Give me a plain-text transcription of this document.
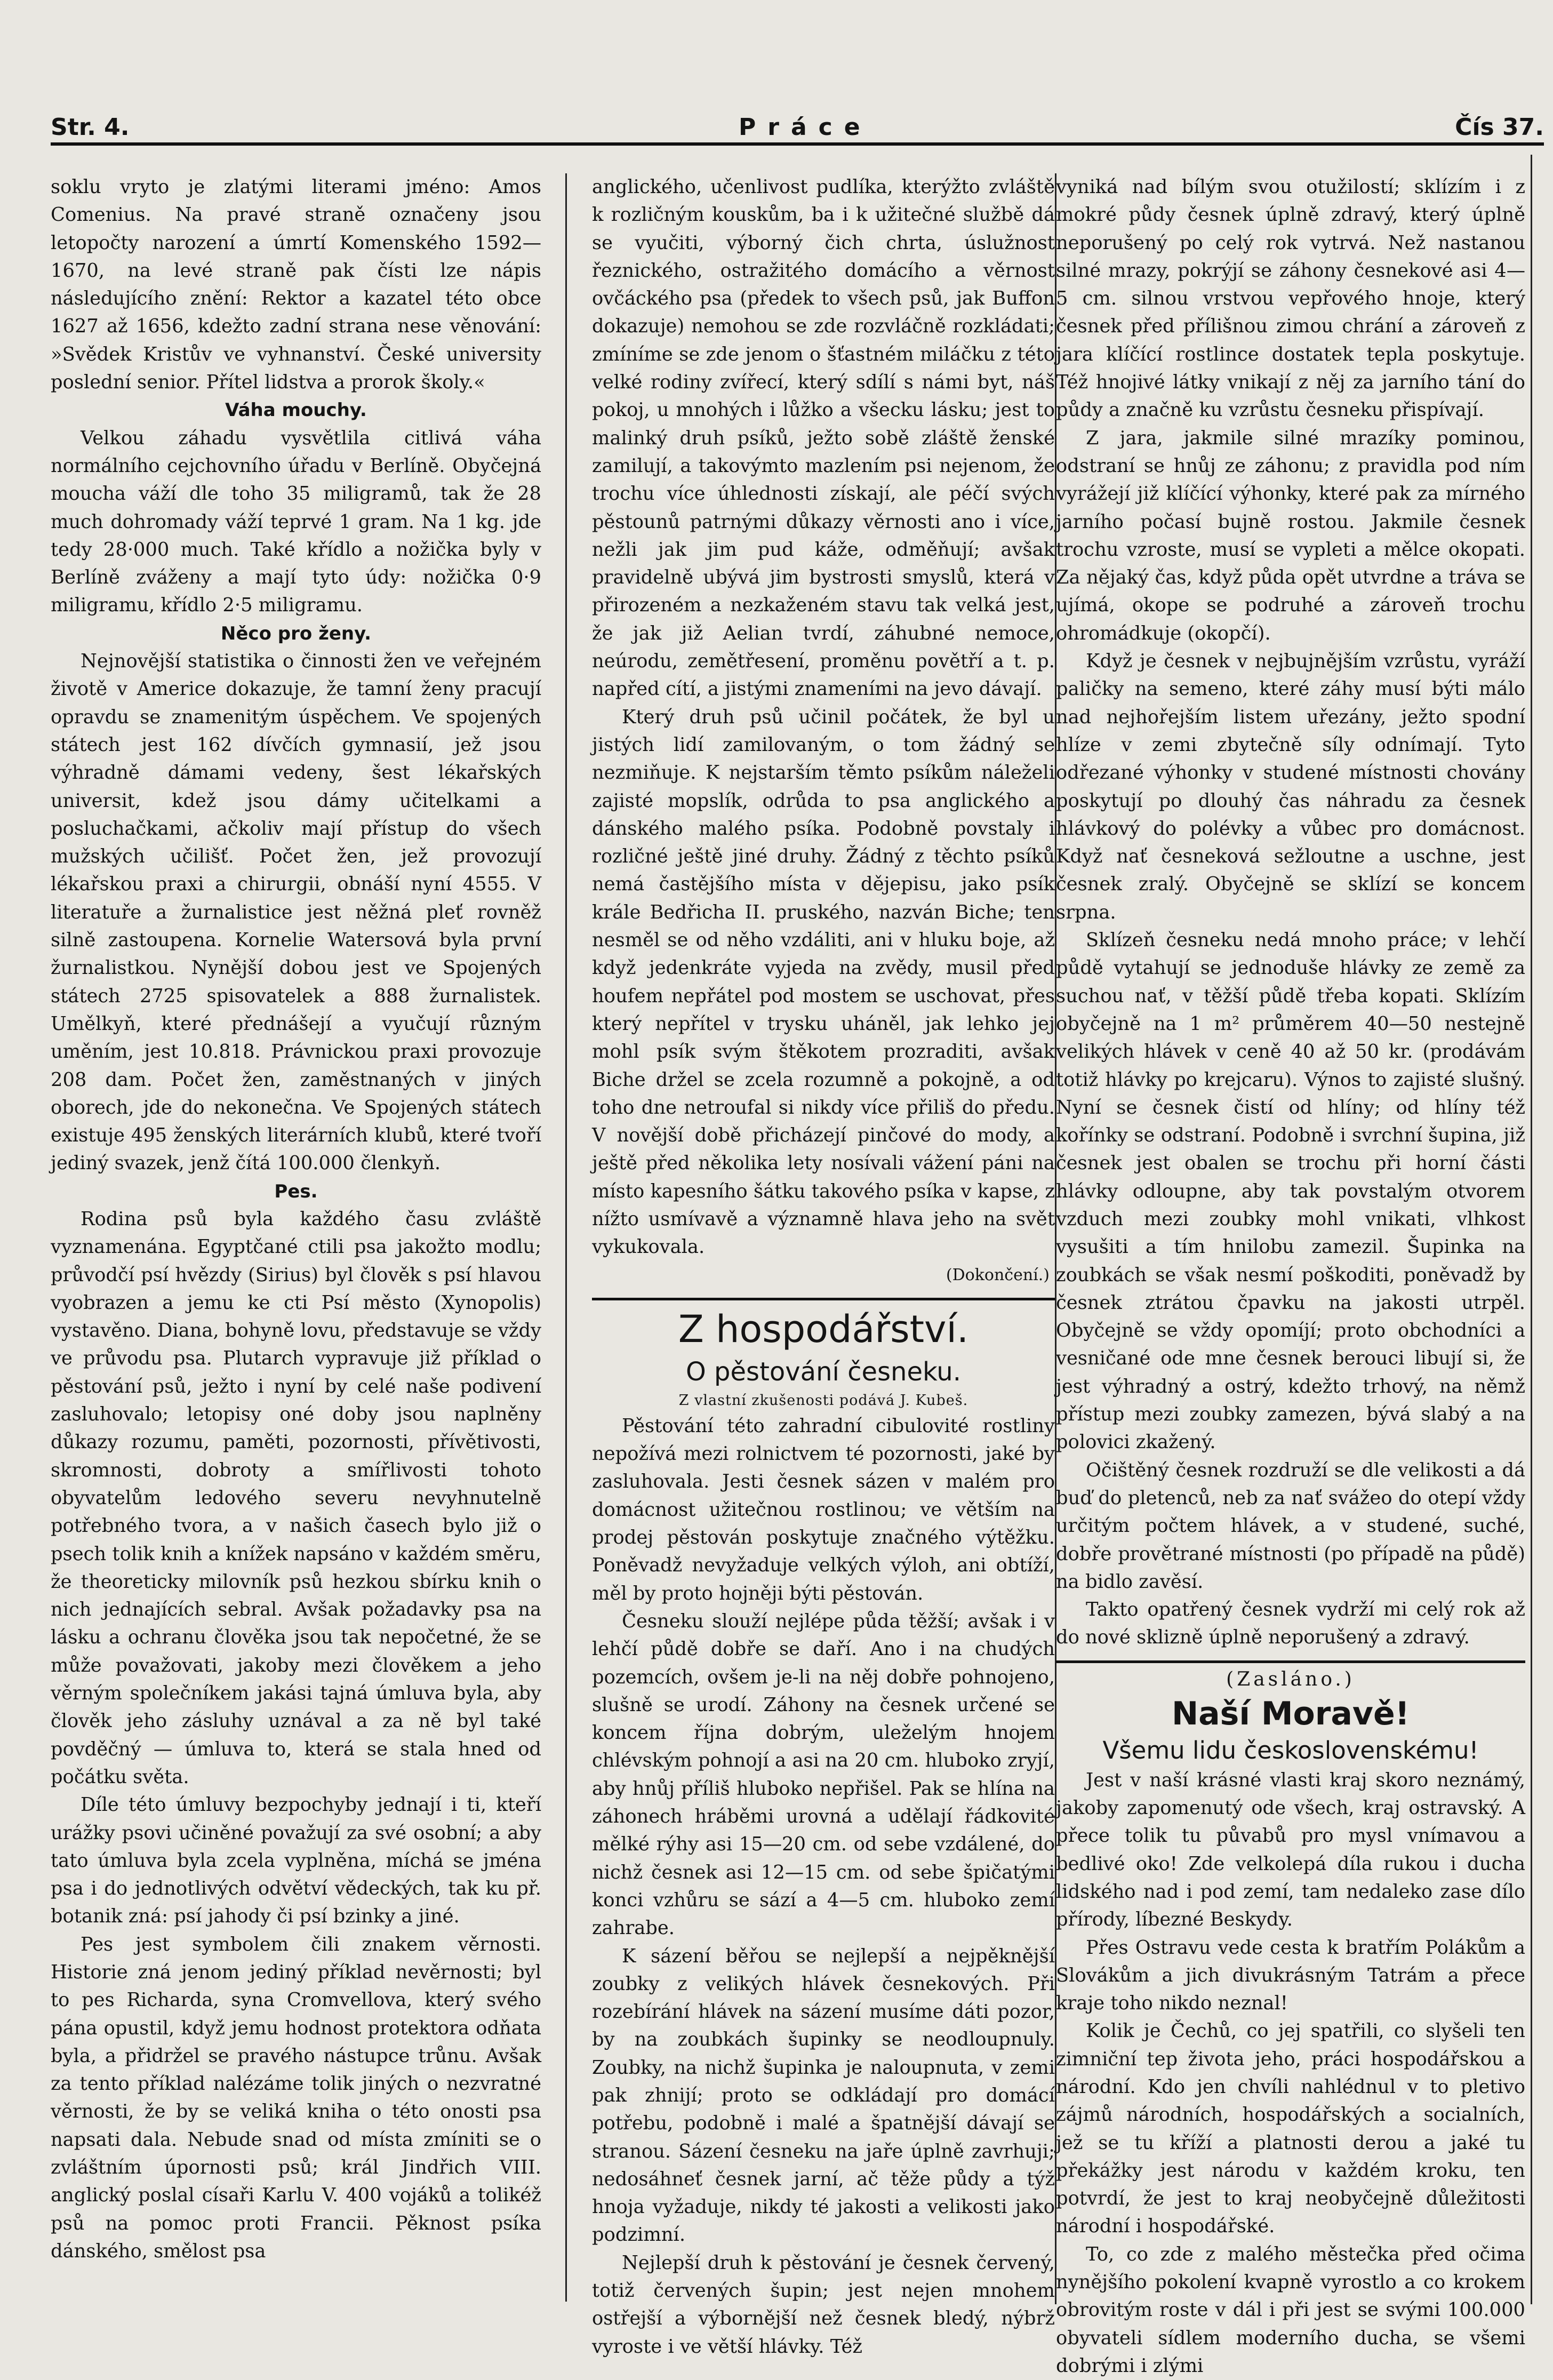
Str. 4.	Práce	Čís 37.

soklu vryto je zlatými literami jméno: Amos Comenius. Na pravé straně označeny jsou letopočty narození a úmrtí Komenského 1592—1670, na levé straně pak čísti lze nápis následujícího znění: Rektor a kazatel této obce 1627 až 1656, kdežto zadní strana nese věnování: »Svědek Kristův ve vyhnanství. České university poslední senior. Přítel lidstva a prorok školy.«

Váha mouchy.

Velkou záhadu vysvětlila citlivá váha normálního cejchovního úřadu v Berlíně. Obyčejná moucha váží dle toho 35 miligramů, tak že 28 much dohromady váží teprvé 1 gram. Na 1 kg. jde tedy 28·000 much. Také křídlo a nožička byly v Berlíně zváženy a mají tyto údy: nožička 0·9 miligramu, křídlo 2·5 miligramu.

Něco pro ženy.

Nejnovější statistika o činnosti žen ve veřejném životě v Americe dokazuje, že tamní ženy pracují opravdu se znamenitým úspěchem. Ve spojených státech jest 162 dívčích gymnasií, jež jsou výhradně dámami vedeny, šest lékařských universit, kdež jsou dámy učitelkami a posluchačkami, ačkoliv mají přístup do všech mužských učilišť. Počet žen, jež provozují lékařskou praxi a chirurgii, obnáší nyní 4555. V literatuře a žurnalistice jest něžná pleť rovněž silně zastoupena. Kornelie Watersová byla první žurnalistkou. Nynější dobou jest ve Spojených státech 2725 spisovatelek a 888 žurnalistek. Umělkyň, které přednášejí a vyučují různým uměním, jest 10.818. Právnickou praxi provozuje 208 dam. Počet žen, zaměstnaných v jiných oborech, jde do nekonečna. Ve Spojených státech existuje 495 ženských literárních klubů, které tvoří jediný svazek, jenž čítá 100.000 členkyň.

Pes.

Rodina psů byla každého času zvláště vyznamenána. Egyptčané ctili psa jakožto modlu; průvodčí psí hvězdy (Sirius) byl člověk s psí hlavou vyobrazen a jemu ke cti Psí město (Xynopolis) vystavěno. Diana, bohyně lovu, představuje se vždy ve průvodu psa. Plutarch vypravuje již příklad o pěstování psů, ježto i nyní by celé naše podivení zasluhovalo; letopisy oné doby jsou naplněny důkazy rozumu, paměti, pozornosti, přívětivosti, skromnosti, dobroty a smířlivosti tohoto obyvatelům ledového severu nevyhnutelně potřebného tvora, a v našich časech bylo již o psech tolik knih a knížek napsáno v každém směru, že theoreticky milovník psů hezkou sbírku knih o nich jednajících sebral. Avšak požadavky psa na lásku a ochranu člověka jsou tak nepočetné, že se může považovati, jakoby mezi člověkem a jeho věrným společníkem jakási tajná úmluva byla, aby člověk jeho zásluhy uznával a za ně byl také povděčný — úmluva to, která se stala hned od počátku světa.

Díle této úmluvy bezpochyby jednají i ti, kteří urážky psovi učiněné považují za své osobní; a aby tato úmluva byla zcela vyplněna, míchá se jména psa i do jednotlivých odvětví vědeckých, tak ku př. botanik zná: psí jahody či psí bzinky a jiné.

Pes jest symbolem čili znakem věrnosti. Historie zná jenom jediný příklad nevěrnosti; byl to pes Richarda, syna Cromvellova, který svého pána opustil, když jemu hodnost protektora odňata byla, a přidržel se pravého nástupce trůnu. Avšak za tento příklad nalézáme tolik jiných o nezvratné věrnosti, že by se veliká kniha o této onosti psa napsati dala. Nebude snad od místa zmíniti se o zvláštním úpornosti psů; král Jindřich VIII. anglický poslal císaři Karlu V. 400 vojáků a tolikéž psů na pomoc proti Francii. Pěknost psíka dánského, smělost psa

anglického, učenlivost pudlíka, kterýžto zvláště k rozličným kouskům, ba i k užitečné službě dá se vyučiti, výborný čich chrta, úslužnost řeznického, ostražitého domácího a věrnost ovčáckého psa (předek to všech psů, jak Buffon dokazuje) nemohou se zde rozvláčně rozkládati; zmíníme se zde jenom o šťastném miláčku z této velké rodiny zvířecí, který sdílí s námi byt, náš pokoj, u mnohých i lůžko a všecku lásku; jest to malinký druh psíků, ježto sobě zláště ženské zamilují, a takovýmto mazlením psi nejenom, že trochu více úhlednosti získají, ale péčí svých pěstounů patrnými důkazy věrnosti ano i více, nežli jak jim pud káže, odměňují; avšak pravidelně ubývá jim bystrosti smyslů, která v přirozeném a nezkaženém stavu tak velká jest, že jak již Aelian tvrdí, záhubné nemoce, neúrodu, zemětřesení, proměnu povětří a t. p. napřed cítí, a jistými znameními na jevo dávají.

Který druh psů učinil počátek, že byl u jistých lidí zamilovaným, o tom žádný se nezmiňuje. K nejstarším těmto psíkům náleželi zajisté mopslík, odrůda to psa anglického a dánského malého psíka. Podobně povstaly i rozličné ještě jiné druhy. Žádný z těchto psíků nemá častějšího místa v dějepisu, jako psík krále Bedřicha II. pruského, nazván Biche; ten nesměl se od něho vzdáliti, ani v hluku boje, až když jedenkráte vyjeda na zvědy, musil před houfem nepřátel pod mostem se uschovat, přes který nepřítel v trysku uháněl, jak lehko jej mohl psík svým štěkotem prozraditi, avšak Biche držel se zcela rozumně a pokojně, a od toho dne netroufal si nikdy více přiliš do předu. V novější době přicházejí pinčové do mody, a ještě před několika lety nosívali vážení páni na místo kapesního šátku takového psíka v kapse, z nížto usmívavě a významně hlava jeho na svět vykukovala.

(Dokončení.)
Z hospodářství.
O pěstování česneku.
Z vlastní zkušenosti podává J. Kubeš.

Pěstování této zahradní cibulovité rostliny nepožívá mezi rolnictvem té pozornosti, jaké by zasluhovala. Jesti česnek sázen v malém pro domácnost užitečnou rostlinou; ve větším na prodej pěstován poskytuje značného výtěžku. Poněvadž nevyžaduje velkých výloh, ani obtíží, měl by proto hojněji býti pěstován.

Česneku slouží nejlépe půda těžší; avšak i v lehčí půdě dobře se daří. Ano i na chudých pozemcích, ovšem je-li na něj dobře pohnojeno, slušně se urodí. Záhony na česnek určené se koncem října dobrým, uleželým hnojem chlévským pohnojí a asi na 20 cm. hluboko zryjí, aby hnůj příliš hluboko nepřišel. Pak se hlína na záhonech hráběmi urovná a udělají řádkovité mělké rýhy asi 15—20 cm. od sebe vzdálené, do nichž česnek asi 12—15 cm. od sebe špičatými konci vzhůru se sází a 4—5 cm. hluboko zemí zahrabe.

K sázení běřou se nejlepší a nejpěknější zoubky z velikých hlávek česnekových. Při rozebírání hlávek na sázení musíme dáti pozor, by na zoubkách šupinky se neodloupnuly. Zoubky, na nichž šupinka je naloupnuta, v zemi pak zhnijí; proto se odkládají pro domácí potřebu, podobně i malé a špatnější dávají se stranou. Sázení česneku na jaře úplně zavrhuji; nedosáhneť česnek jarní, ač těže půdy a týž hnoja vyžaduje, nikdy té jakosti a velikosti jako podzimní.

Nejlepší druh k pěstování je česnek červený, totiž červených šupin; jest nejen mnohem ostřejší a výbornější než česnek bledý, nýbrž vyroste i ve větší hlávky. Též

vyniká nad bílým svou otužilostí; sklízím i z mokré půdy česnek úplně zdravý, který úplně neporušený po celý rok vytrvá. Než nastanou silné mrazy, pokrýjí se záhony česnekové asi 4—5 cm. silnou vrstvou vepřového hnoje, který česnek před přílišnou zimou chrání a zároveň z jara klíčící rostlince dostatek tepla poskytuje. Též hnojivé látky vnikají z něj za jarního tání do půdy a značně ku vzrůstu česneku přispívají.

Z jara, jakmile silné mrazíky pominou, odstraní se hnůj ze záhonu; z pravidla pod ním vyrážejí již klíčící výhonky, které pak za mírného jarního počasí bujně rostou. Jakmile česnek trochu vzroste, musí se vypleti a mělce okopati. Za nějaký čas, když půda opět utvrdne a tráva se ujímá, okope se podruhé a zároveň trochu ohromádkuje (okopčí).

Když je česnek v nejbujnějším vzrůstu, vyráží paličky na semeno, které záhy musí býti málo nad nejhořejším listem uřezány, ježto spodní hlíze v zemi zbytečně síly odnímají. Tyto odřezané výhonky v studené místnosti chovány poskytují po dlouhý čas náhradu za česnek hlávkový do polévky a vůbec pro domácnost. Když nať česneková sežloutne a uschne, jest česnek zralý. Obyčejně se sklízí se koncem srpna.

Sklízeň česneku nedá mnoho práce; v lehčí půdě vytahují se jednoduše hlávky ze země za suchou nať, v těžší půdě třeba kopati. Sklízím obyčejně na 1 m² průměrem 40—50 nestejně velikých hlávek v ceně 40 až 50 kr. (prodávám totiž hlávky po krejcaru). Výnos to zajisté slušný. Nyní se česnek čistí od hlíny; od hlíny též kořínky se odstraní. Podobně i svrchní šupina, již česnek jest obalen se trochu při horní části hlávky odloupne, aby tak povstalým otvorem vzduch mezi zoubky mohl vnikati, vlhkost vysušiti a tím hnilobu zamezil. Šupinka na zoubkách se však nesmí poškoditi, poněvadž by česnek ztrátou čpavku na jakosti utrpěl. Obyčejně se vždy opomíjí; proto obchodníci a vesničané ode mne česnek berouci libují si, že jest výhradný a ostrý, kdežto trhový, na němž přístup mezi zoubky zamezen, bývá slabý a na polovici zkažený.

Očištěný česnek rozdruží se dle velikosti a dá buď do pletenců, neb za nať svážeo do otepí vždy určitým počtem hlávek, a v studené, suché, dobře provětrané místnosti (po případě na půdě) na bidlo zavěsí.

Takto opatřený česnek vydrží mi celý rok až do nové sklizně úplně neporušený a zdravý.

(Zasláno.)
Naší Moravě!
Všemu lidu československému!

Jest v naší krásné vlasti kraj skoro neznámý, jakoby zapomenutý ode všech, kraj ostravský. A přece tolik tu půvabů pro mysl vnímavou a bedlivé oko! Zde velkolepá díla rukou i ducha lidského nad i pod zemí, tam nedaleko zase dílo přírody, líbezné Beskydy.

Přes Ostravu vede cesta k bratřím Polákům a Slovákům a jich divukrásným Tatrám a přece kraje toho nikdo neznal!

Kolik je Čechů, co jej spatřili, co slyšeli ten zimniční tep života jeho, práci hospodářskou a národní. Kdo jen chvíli nahlédnul v to pletivo zájmů národních, hospodářských a socialních, jež se tu kříží a platnosti derou a jaké tu překážky jest národu v každém kroku, ten potvrdí, že jest to kraj neobyčejně důležitosti národní i hospodářské.

To, co zde z malého městečka před očima nynějšího pokolení kvapně vyrostlo a co krokem obrovitým roste v dál i při jest se svými 100.000 obyvateli sídlem moderního ducha, se všemi dobrými i zlými
